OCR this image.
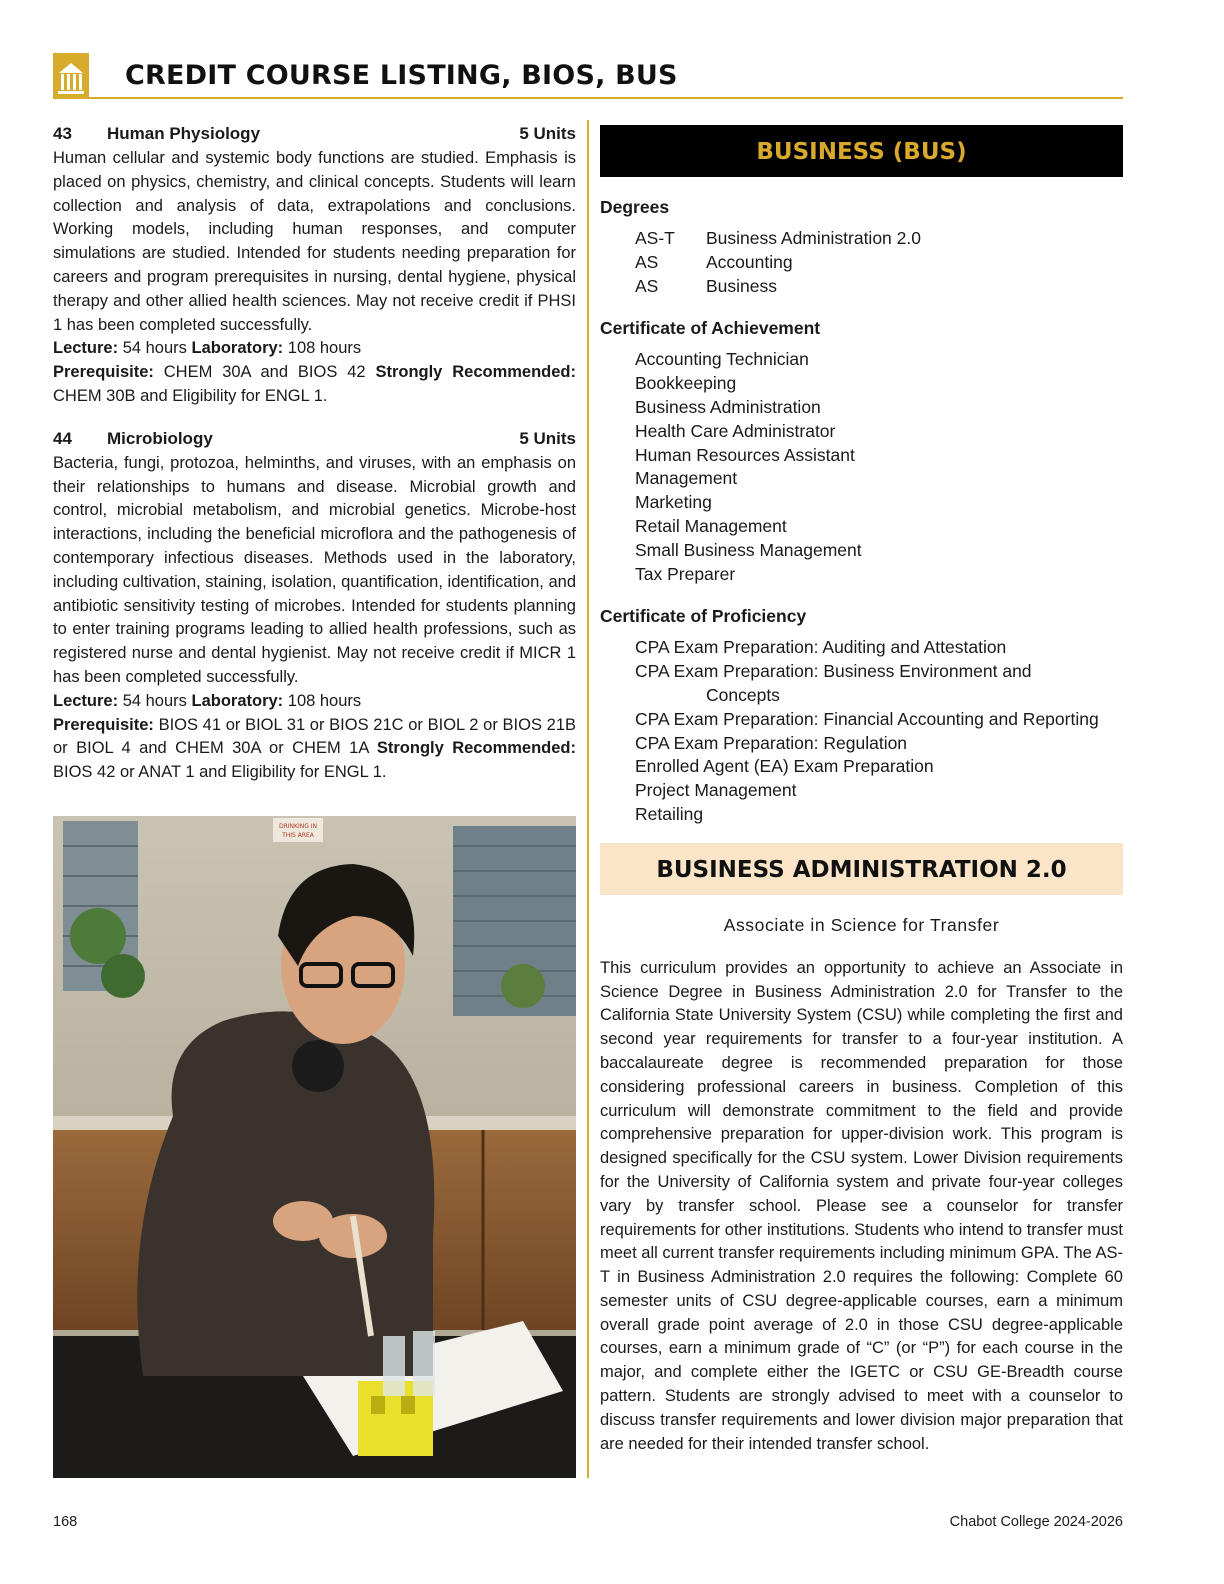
CREDIT COURSE LISTING, BIOS, BUS
43	Human Physiology	5 Units

Human cellular and systemic body functions are studied. Emphasis is placed on physics, chemistry, and clinical concepts. Students will learn collection and analysis of data, extrapolations and conclusions. Working models, including human responses, and computer simulations are studied. Intended for students needing preparation for careers and program prerequisites in nursing, dental hygiene, physical therapy and other allied health sciences. May not receive credit if PHSI 1 has been completed successfully.

Lecture: 54 hours Laboratory: 108 hours

Prerequisite: CHEM 30A and BIOS 42 Strongly Recommended: CHEM 30B and Eligibility for ENGL 1.

44	Microbiology	5 Units

Bacteria, fungi, protozoa, helminths, and viruses, with an emphasis on their relationships to humans and disease. Microbial growth and control, microbial metabolism, and microbial genetics. Microbe-host interactions, including the beneficial microflora and the pathogenesis of contemporary infectious diseases. Methods used in the laboratory, including cultivation, staining, isolation, quantification, identification, and antibiotic sensitivity testing of microbes. Intended for students planning to enter training programs leading to allied health professions, such as registered nurse and dental hygienist. May not receive credit if MICR 1 has been completed successfully.

Lecture: 54 hours Laboratory: 108 hours

Prerequisite: BIOS 41 or BIOL 31 or BIOS 21C or BIOL 2 or BIOS 21B or BIOL 4 and CHEM 30A or CHEM 1A Strongly Recommended: BIOS 42 or ANAT 1 and Eligibility for ENGL 1.

DRINKING IN
THIS AREA
BUSINESS (BUS)
Degrees
AS-T	Business Administration 2.0
AS	Accounting
AS	Business
Certificate of Achievement
Accounting Technician
Bookkeeping
Business Administration
Health Care Administrator
Human Resources Assistant
Management
Marketing
Retail Management
Small Business Management
Tax Preparer
Certificate of Proficiency
CPA Exam Preparation: Auditing and Attestation
CPA Exam Preparation: Business Environment and
Concepts
CPA Exam Preparation: Financial Accounting and Reporting
CPA Exam Preparation: Regulation
Enrolled Agent (EA) Exam Preparation
Project Management
Retailing
BUSINESS ADMINISTRATION 2.0
Associate in Science for Transfer

This curriculum provides an opportunity to achieve an Associate in Science Degree in Business Administration 2.0 for Transfer to the California State University System (CSU) while completing the first and second year requirements for transfer to a four-year institution. A baccalaureate degree is recommended preparation for those considering professional careers in business. Completion of this curriculum will demonstrate commitment to the field and provide comprehensive preparation for upper-division work. This program is designed specifically for the CSU system. Lower Division requirements for the University of California system and private four-year colleges vary by transfer school. Please see a counselor for transfer requirements for other institutions. Students who intend to transfer must meet all current transfer requirements including minimum GPA. The AS-T in Business Administration 2.0 requires the following: Complete 60 semester units of CSU degree-applicable courses, earn a minimum overall grade point average of 2.0 in those CSU degree-applicable courses, earn a minimum grade of “C” (or “P”) for each course in the major, and complete either the IGETC or CSU GE-Breadth course pattern. Students are strongly advised to meet with a counselor to discuss transfer requirements and lower division major preparation that are needed for their intended transfer school.

168	Chabot College 2024-2026
